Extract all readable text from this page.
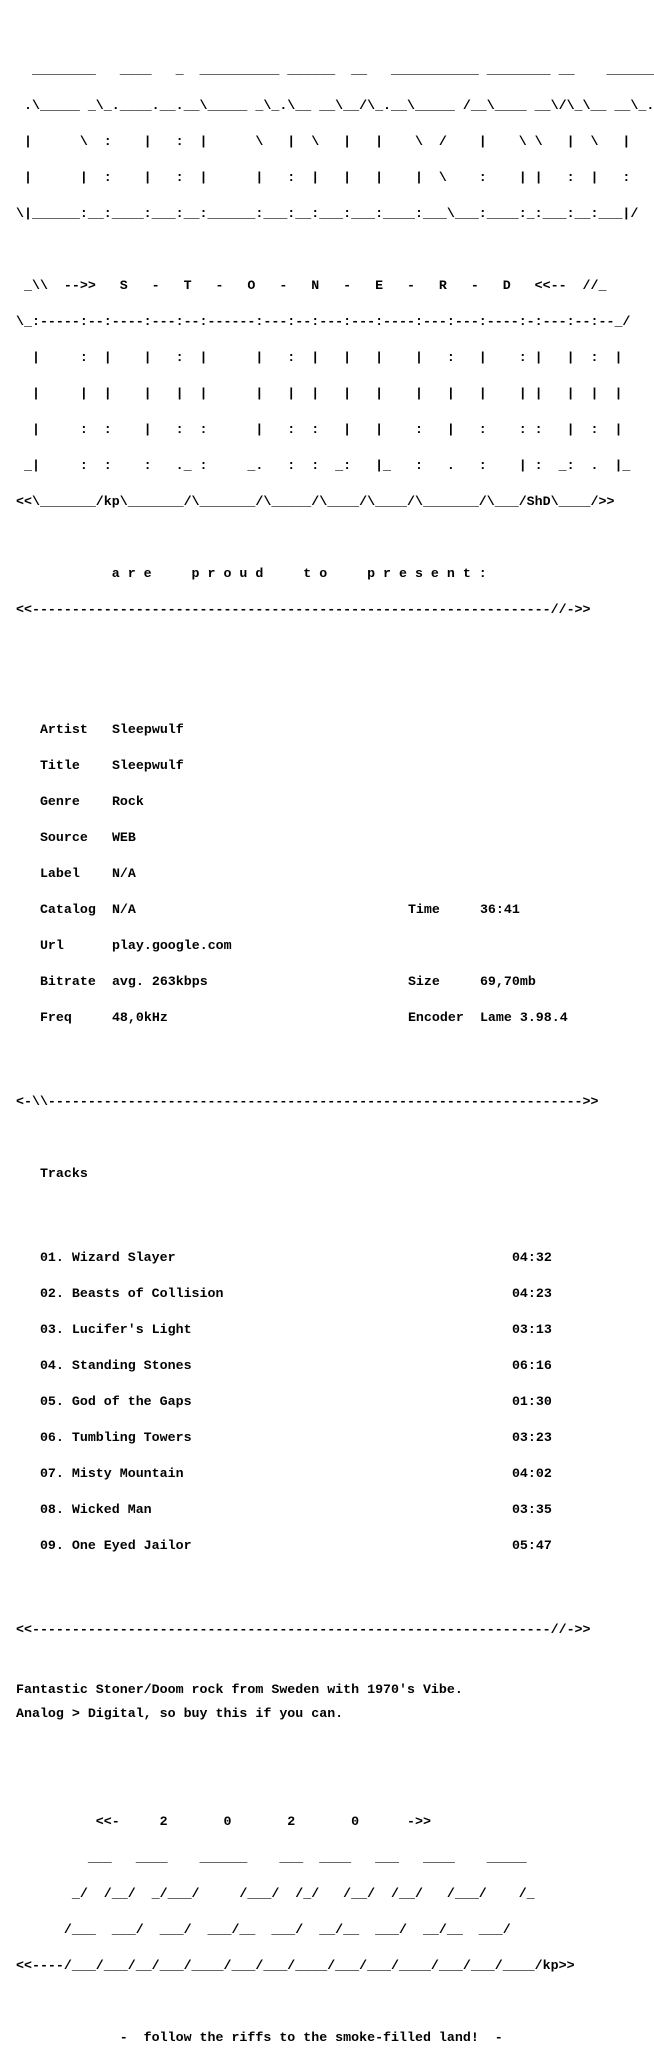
________   ____   _  __________ ______  __   ___________ ________ __    ______

.\_____ _\_.____.__.__\_____ _\_.\__ __\__/\_.__\_____ /__\____ __\/\_\__ __\_.

|      \  :    |   :  |      \   |  \   |   |    \  /    |    \ \   |  \   |

|      |  :    |   :  |      |   :  |   |   |    |  \    :    | |   :  |   :

\|______:__:____:___:__:______:___:__:___:___:____:___\___:____:_:___:__:___|/

_\\  -->>   S   -   T   -   O   -   N   -   E   -   R   -   D   <<--  //_

\_:-----:--:----:---:--:------:---:--:---:---:----:---:---:----:-:---:--:--_/

|     :  |    |   :  |      |   :  |   |   |    |   :   |    : |   |  :  |

|     |  |    |   |  |      |   |  |   |   |    |   |   |    | |   |  |  |

|     :  :    |   :  :      |   :  :   |   |    :   |   :    : :   |  :  |

_|     :  :    :   ._ :     _.   :  :  _:   |_   :   .   :    | :  _:  .  |_

<<\_______/kp\_______/\_______/\_____/\____/\____/\_______/\___/ShD\____/>>

a r e     p r o u d     t o     p r e s e n t :

<<-----------------------------------------------------------------//->>

Artist Sleepwulf

Title Sleepwulf

Genre Rock

Source WEB

Label N/A

Catalog N/A	Time	36:41

Url	play.google.com

Bitrate avg. 263kbps	Size	69,70mb

Freq	48,0kHz	Encoder Lame 3.98.4

<-\\------------------------------------------------------------------->>

Tracks

01. Wizard Slayer	04:32

02. Beasts of Collision	04:23

03. Lucifer's Light	03:13

04. Standing Stones	06:16

05. God of the Gaps	01:30

06. Tumbling Towers	03:23

07. Misty Mountain	04:02

08. Wicked Man	03:35

09. One Eyed Jailor	05:47

<<-----------------------------------------------------------------//->>

Fantastic Stoner/Doom rock from Sweden with 1970's Vibe.

Analog > Digital, so buy this if you can.

<<-     2       0       2       0      ->>

___   ____    ______    ___  ____   ___   ____    _____

_/  /__/  _/___/     /___/  /_/   /__/  /__/   /___/    /_

/___  ___/  ___/  ___/__  ___/  __/__  ___/  __/__  ___/

<<----/___/___/__/___/____/___/___/____/___/___/____/___/___/____/kp>>

-  follow the riffs to the smoke-filled land!  -
